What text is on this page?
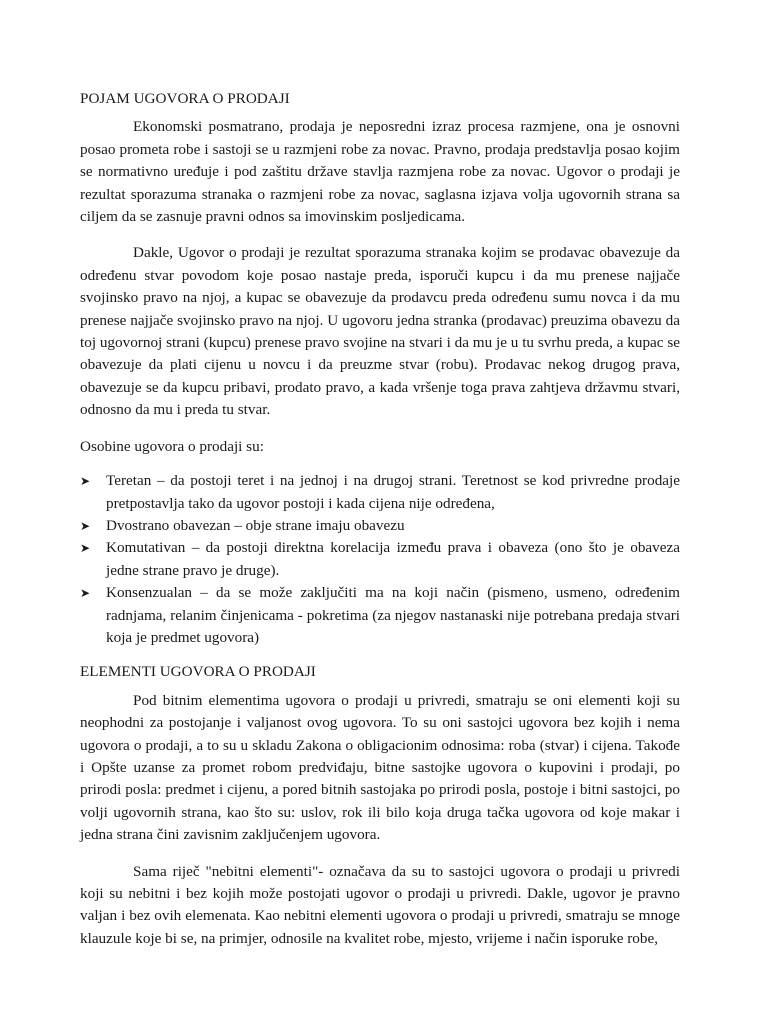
POJAM UGOVORA O PRODAJI

Ekonomski posmatrano, prodaja je neposredni izraz procesa razmjene, ona je osnovni posao prometa robe i sastoji se u razmjeni robe za novac. Pravno, prodaja predstavlja posao kojim se normativno uređuje i pod zaštitu države stavlja razmjena robe za novac. Ugovor o prodaji je rezultat sporazuma stranaka o razmjeni robe za novac, saglasna izjava volja ugovornih strana sa ciljem da se zasnuje pravni odnos sa imovinskim posljedicama.

Dakle, Ugovor o prodaji je rezultat sporazuma stranaka kojim se prodavac obavezuje da određenu stvar povodom koje posao nastaje preda, isporuči kupcu i da mu prenese najjače svojinsko pravo na njoj, a kupac se obavezuje da prodavcu preda određenu sumu novca i da mu prenese najjače svojinsko pravo na njoj. U ugovoru jedna stranka (prodavac) preuzima obavezu da toj ugovornoj strani (kupcu) prenese pravo svojine na stvari i da mu je u tu svrhu preda, a kupac se obavezuje da plati cijenu u novcu i da preuzme stvar (robu). Prodavac nekog drugog prava, obavezuje se da kupcu pribavi, prodato pravo, a kada vršenje toga prava zahtjeva državmu stvari, odnosno da mu i preda tu stvar.

Osobine ugovora o prodaji su:

➤ Teretan – da postoji teret i na jednoj i na drugoj strani. Teretnost se kod privredne prodaje pretpostavlja tako da ugovor postoji i kada cijena nije određena,
➤ Dvostrano obavezan – obje strane imaju obavezu
➤ Komutativan – da postoji direktna korelacija između prava i obaveza (ono što je obaveza jedne strane pravo je druge).
➤ Konsenzualan – da se može zaključiti ma na koji način (pismeno, usmeno, određenim radnjama, relanim činjenicama - pokretima (za njegov nastanaski nije potrebana predaja stvari koja je predmet ugovora)
ELEMENTI UGOVORA O PRODAJI

Pod bitnim elementima ugovora o prodaji u privredi, smatraju se oni elementi koji su neophodni za postojanje i valjanost ovog ugovora. To su oni sastojci ugovora bez kojih i nema ugovora o prodaji, a to su u skladu Zakona o obligacionim odnosima: roba (stvar) i cijena. Takođe i Opšte uzanse za promet robom predviđaju, bitne sastojke ugovora o kupovini i prodaji, po prirodi posla: predmet i cijenu, a pored bitnih sastojaka po prirodi posla, postoje i bitni sastojci, po volji ugovornih strana, kao što su: uslov, rok ili bilo koja druga tačka ugovora od koje makar i jedna strana čini zavisnim zaključenjem ugovora.

Sama riječ "nebitni elementi"- označava da su to sastojci ugovora o prodaji u privredi koji su nebitni i bez kojih može postojati ugovor o prodaji u privredi. Dakle, ugovor je pravno valjan i bez ovih elemenata. Kao nebitni elementi ugovora o prodaji u privredi, smatraju se mnoge klauzule koje bi se, na primjer, odnosile na kvalitet robe, mjesto, vrijeme i način isporuke robe,
